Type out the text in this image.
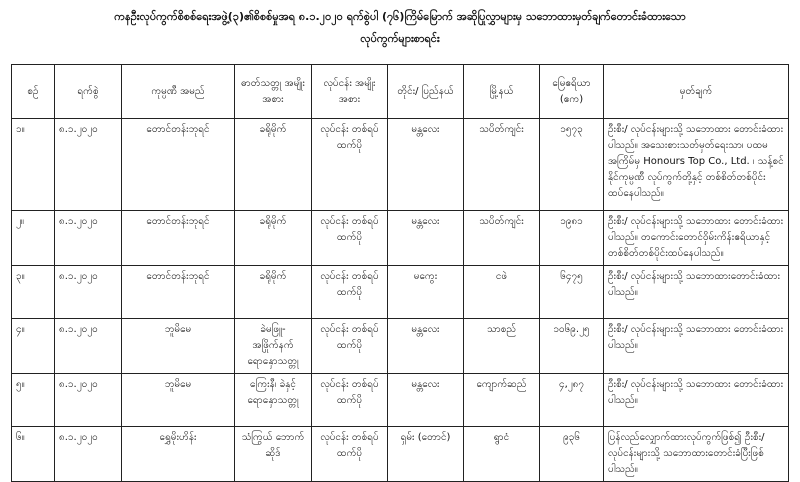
ကနဦးလုပ်ကွက်စိစစ်ရေးအဖွဲ့(၃)၏စိစစ်မှုအရ ၈.၁.၂၀၂၀ ရက်စွဲပါ (၇၆)ကြိမ်မြောက် အဆိုပြုလွှာများမှ သဘောထားမှတ်ချက်တောင်းခံထားသော
လုပ်ကွက်များစာရင်း
စဉ်	ရက်စွဲ	ကုမ္ပဏီ အမည်	ဓာတ်သတ္တု အမျိုးအစား	လုပ်ငန်း အမျိုးအစား	တိုင်း/ ပြည်နယ်	မြို့နယ်	မြေဧရိယာ (ဧက)	မှတ်ချက်
၁။	၈.၁.၂၀၂၀	တောင်တန်းဘုရင်	ခရိုမိုက်	လုပ်ငန်း တစ်ရပ်ထက်ပို	မန္တလေး	သပိတ်ကျင်း	၁၅၇၃	ဦးစီး/ လုပ်ငန်းများသို့ သဘောထား တောင်းခံထားပါသည်။ အသေးစားသတ်မှတ်ရေးသာ၊ ပထမ အကြိမ်မှ Honours Top Co., Ltd. ၊ သန့်စင်နိုင်ကုမ္ပဏီ လုပ်ကွက်တို့နှင့် တစ်စိတ်တစ်ပိုင်း ထပ်နေပါသည်။
၂။	၈.၁.၂၀၂၀	တောင်တန်းဘုရင်	ခရိုမိုက်	လုပ်ငန်း တစ်ရပ်ထက်ပို	မန္တလေး	သပိတ်ကျင်း	၁၉၈၁	ဦးစီး/ လုပ်ငန်းများသို့ သဘောထား တောင်းခံထားပါသည်။ တကောင်းတောင်ဝှိမ်းကိန်းဧရိယာနှင့် တစ်စိတ်တစ်ပိုင်းထပ်နေပါသည်။
၃။	၈.၁.၂၀၂၀	တောင်တန်းဘုရင်	ခရိုမိုက်	လုပ်ငန်း တစ်ရပ်ထက်ပို	မကွေး	ငဖဲ	၆၄၇၅	ဦးစီး/ လုပ်ငန်းများသို့ သဘောထားတောင်းခံထားပါသည်။
၄။	၈.၁.၂၀၂၀	ဘူမိမေ	ခဲမဖြူ- အဖြိုက်နက် ရောနှောသတ္တု	လုပ်ငန်း တစ်ရပ်ထက်ပို	မန္တလေး	သာစည်	၁၀၆၉.၂၅	ဦးစီး/ လုပ်ငန်းများသို့ သဘောထား တောင်းခံထားပါသည်။
၅။	၈.၁.၂၀၂၀	ဘူမိမေ	ကြေးနီ၊ ခဲနှင့် ရောနှောသတ္တု	လုပ်ငန်း တစ်ရပ်ထက်ပို	မန္တလေး	ကျောက်ဆည်	၄,၂၈၇	ဦးစီး/ လုပ်ငန်းများသို့ သဘောထား တောင်းခံထားပါသည်။
၆။	၈.၁.၂၀၂၀	ရွှေမိုးဟိန်း	သံကြွယ် ဘောက်ဆိုဒ်	လုပ်ငန်း တစ်ရပ်ထက်ပို	ရှမ်း (တောင်)	ရွာငံ	၉၃၆	ပြန်လည်လျှောက်ထားလုပ်ကွက်ဖြစ်၍ ဦးစီး/ လုပ်ငန်းများသို့ သဘောထားတောင်းခံပြီးဖြစ်ပါသည်။
